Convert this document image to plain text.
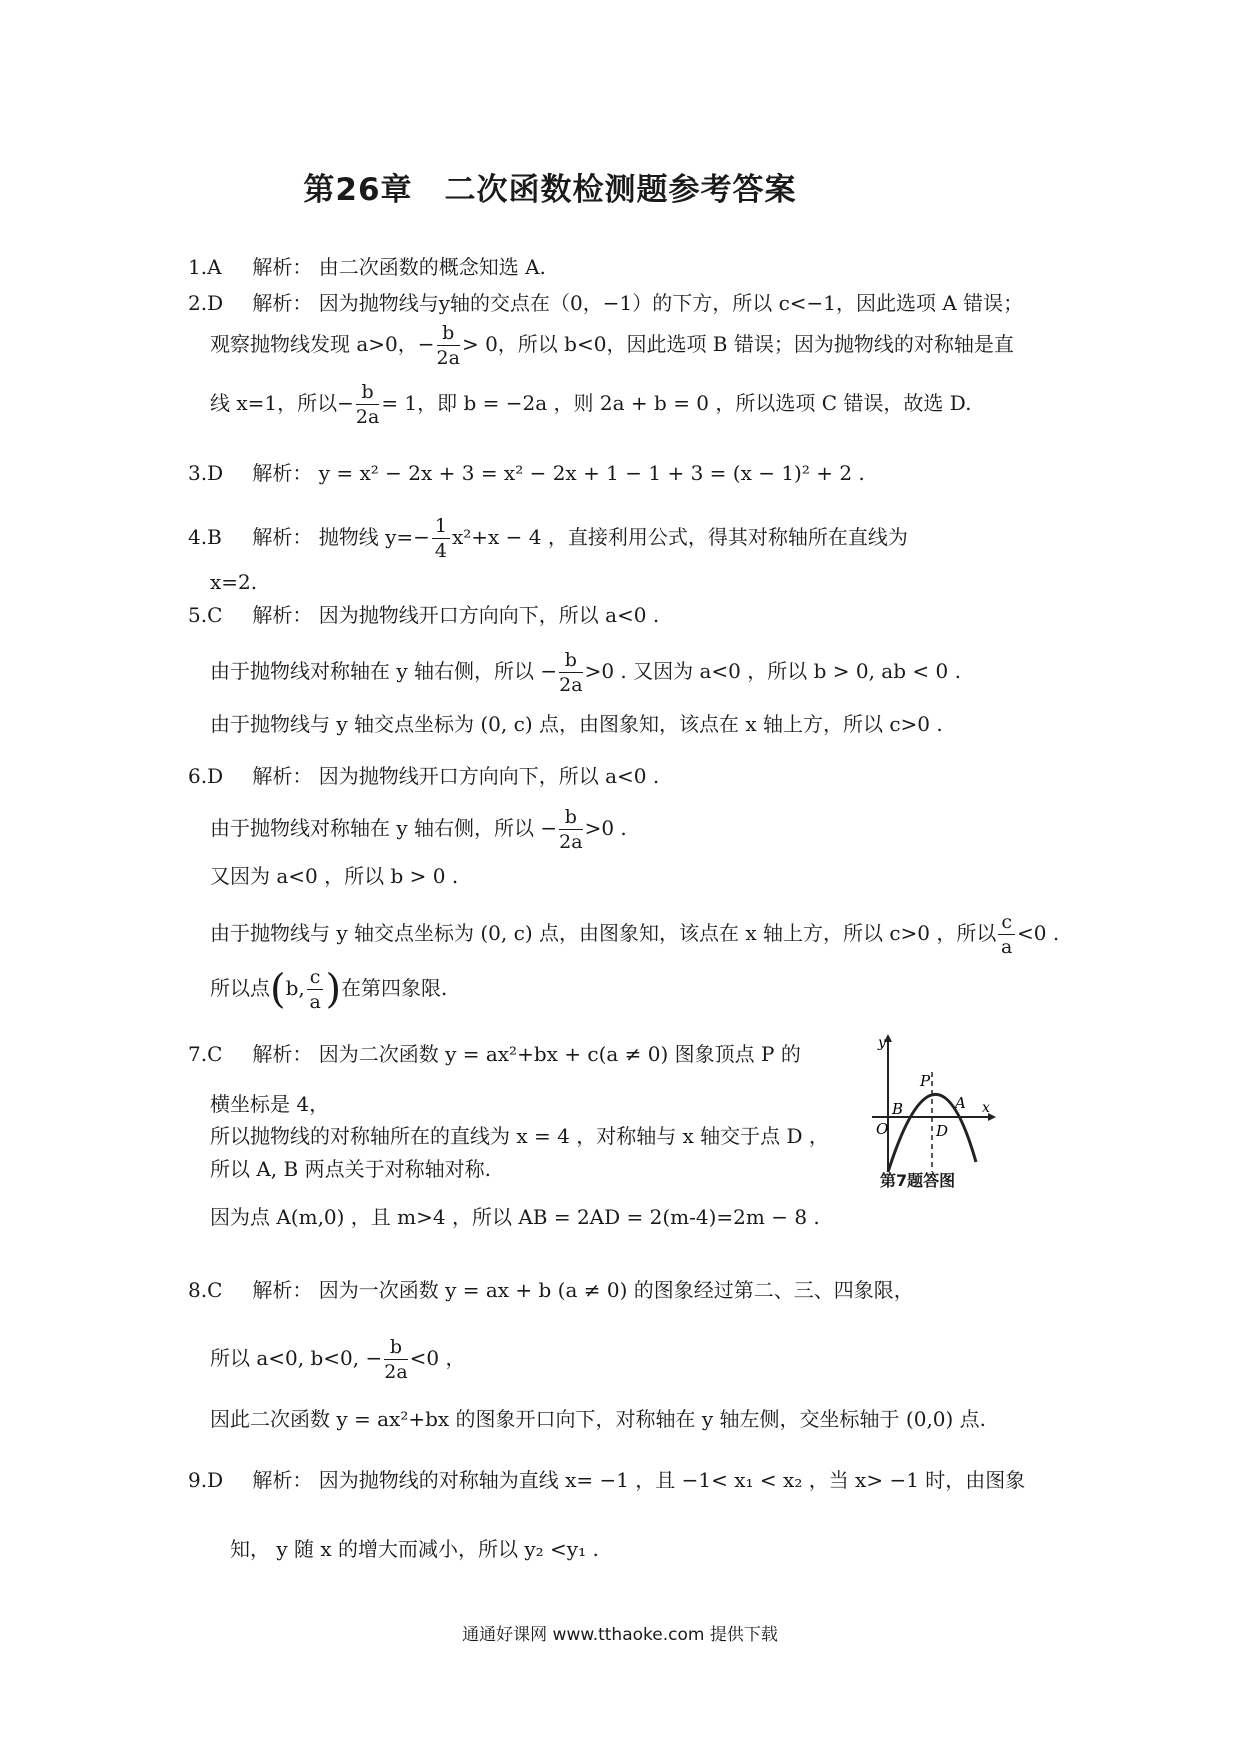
第26章　二次函数检测题参考答案
1.A 解析： 由二次函数的概念知选 A.
2.D 解析： 因为抛物线与y轴的交点在（0，−1）的下方，所以 c<−1，因此选项 A 错误；
观察抛物线发现 a>0，− $\frac{b}{2a} > 0$，所以 b<0，因此选项 B 错误；因为抛物线的对称轴是直
线 x=1，所以− $\frac{b}{2a} = 1$，即 b = −2a ，则 2a + b = 0 ，所以选项 C 错误，故选 D.
3.D 解析： y = x² − 2x + 3 = x² − 2x + 1 − 1 + 3 = (x − 1)² + 2 .
4.B 解析： 抛物线 $y=- \frac{1}{4} x^2+x - 4$ ，直接利用公式，得其对称轴所在直线为
x=2.
5.C 解析： 因为抛物线开口方向向下，所以 a<0 .
由于抛物线对称轴在 y 轴右侧，所以 − $\frac{b}{2a} >0$ . 又因为 a<0 ，所以 b > 0, ab < 0 .
由于抛物线与 y 轴交点坐标为 (0, c) 点，由图象知，该点在 x 轴上方，所以 c>0 .
6.D 解析： 因为抛物线开口方向向下，所以 a<0 .
由于抛物线对称轴在 y 轴右侧，所以 − $\frac{b}{2a} >0$ .
又因为 a<0 ，所以 b > 0 .
由于抛物线与 y 轴交点坐标为 (0, c) 点，由图象知，该点在 x 轴上方，所以 c>0 ，所以 $\frac{c}{a} <0$ .
所以点(b, $\frac{c}{a}$ )在第四象限.
7.C 解析： 因为二次函数 y = ax²+bx + c(a ≠ 0) 图象顶点 P 的
横坐标是 4，
所以抛物线的对称轴所在的直线为 x = 4 ，对称轴与 x 轴交于点 D ，
所以 A, B 两点关于对称轴对称.
因为点 A(m,0) ，且 m>4 ，所以 AB = 2AD = 2(m-4)=2m − 8 .
y
x
O
B
P
A
D
第7题答图
8.C 解析： 因为一次函数 y = ax + b (a ≠ 0) 的图象经过第二、三、四象限，
所以 a<0, b<0, − $\frac{b}{2a} <0$ ，
因此二次函数 y = ax²+bx 的图象开口向下，对称轴在 y 轴左侧，交坐标轴于 (0,0) 点.
9.D 解析： 因为抛物线的对称轴为直线 x= −1 ，且 −1< x₁ < x₂ ，当 x> −1 时，由图象
知， y 随 x 的增大而减小，所以 y₂ <y₁ .
通通好课网 www.tthaoke.com 提供下载
